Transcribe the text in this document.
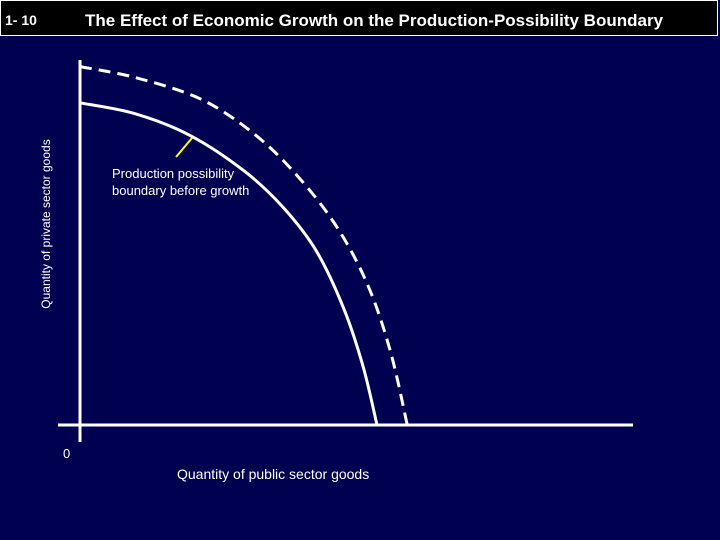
1- 10	The Effect of Economic Growth on the Production-Possibility Boundary
Quantity of private sector goods
Quantity of public sector goods
0
Production possibility
boundary before growth
